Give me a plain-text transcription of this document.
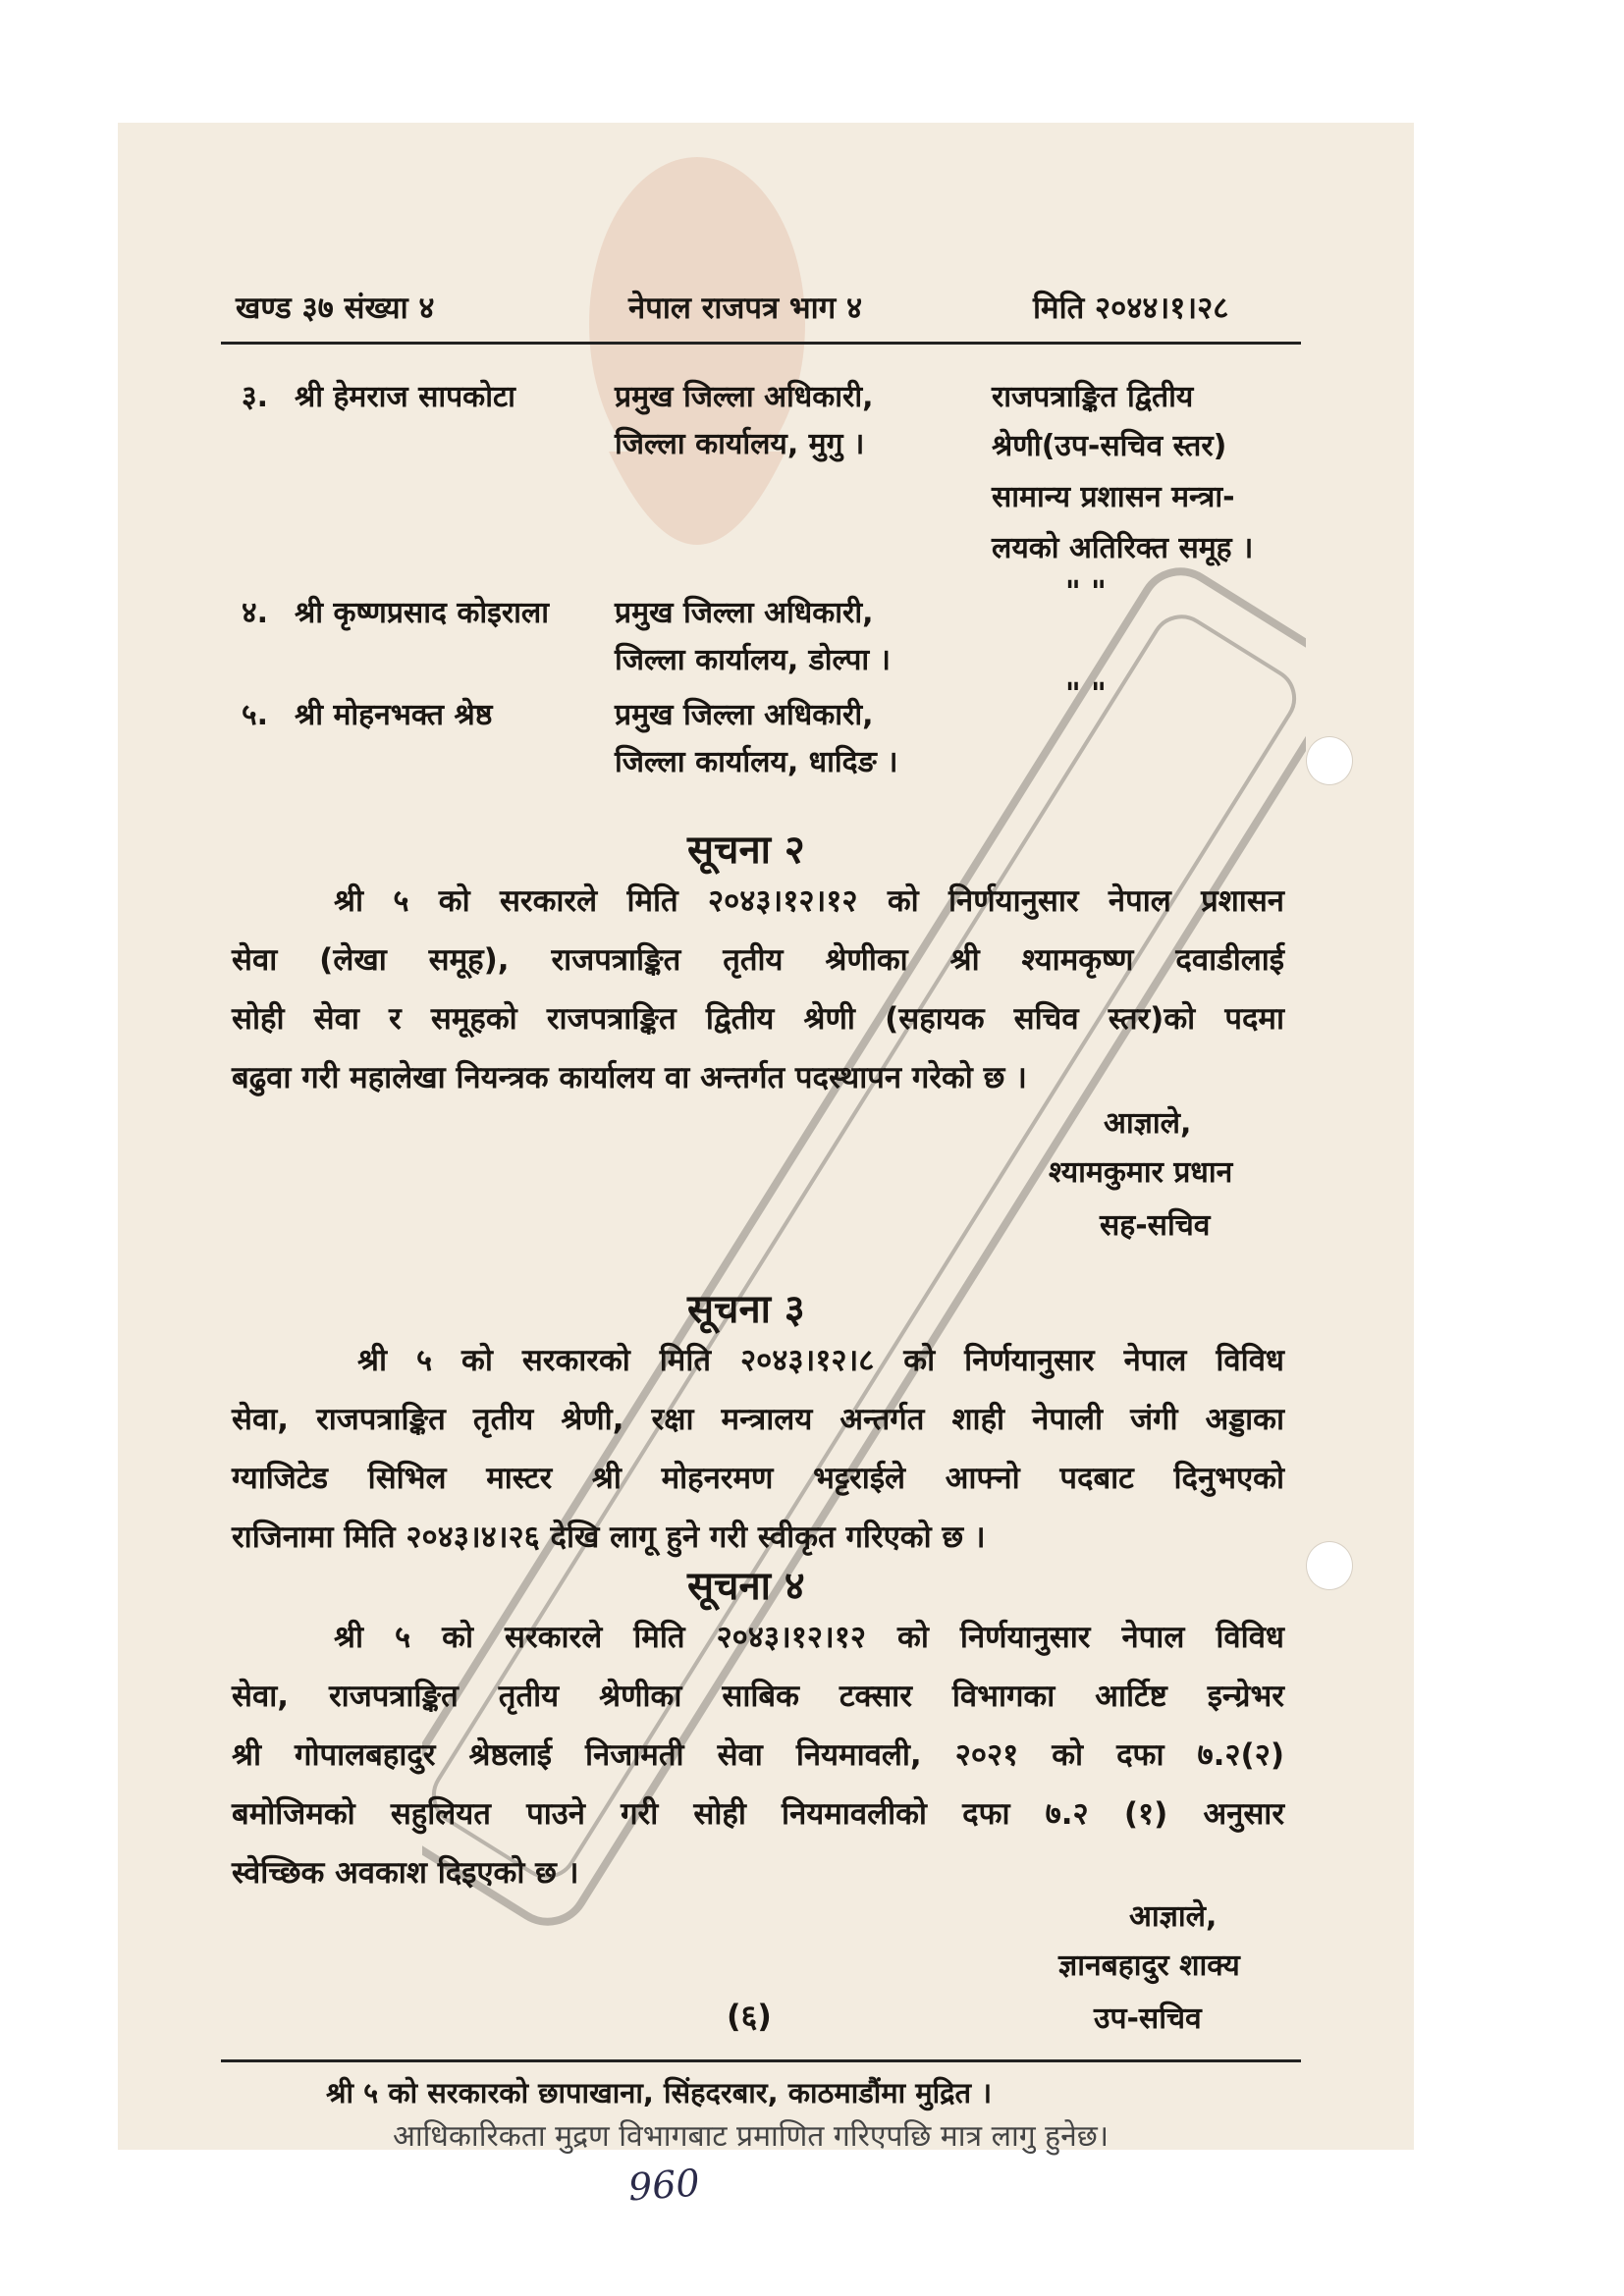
खण्ड ३७ संख्या ४	नेपाल राजपत्र भाग ४	मिति २०४४।१।२८
३. श्री हेमराज सापकोटा	प्रमुख जिल्ला अधिकारी,
जिल्ला कार्यालय, मुगु ।
राजपत्राङ्कित द्वितीय
श्रेणी(उप-सचिव स्तर)
सामान्य प्रशासन मन्त्रा-
लयको अतिरिक्त समूह ।
४. श्री कृष्णप्रसाद कोइराला प्रमुख जिल्ला अधिकारी,
जिल्ला कार्यालय, डोल्पा ।
" "
५. श्री मोहनभक्त श्रेष्ठ	प्रमुख जिल्ला अधिकारी,
जिल्ला कार्यालय, धादिङ ।
" "
सूचना २
श्री ५ को सरकारले मिति २०४३।१२।१२ को निर्णयानुसार नेपाल प्रशासन
सेवा (लेखा समूह), राजपत्राङ्कित तृतीय श्रेणीका श्री श्यामकृष्ण दवाडीलाई
सोही सेवा र समूहको राजपत्राङ्कित द्वितीय श्रेणी (सहायक सचिव स्तर)को पदमा
बढुवा गरी महालेखा नियन्त्रक कार्यालय वा अन्तर्गत पदस्थापन गरेको छ ।
आज्ञाले,
श्यामकुमार प्रधान
सह-सचिव
सूचना ३
श्री ५ को सरकारको मिति २०४३।१२।८ को निर्णयानुसार नेपाल विविध
सेवा, राजपत्राङ्कित तृतीय श्रेणी, रक्षा मन्त्रालय अन्तर्गत शाही नेपाली जंगी अड्डाका
ग्याजिटेड सिभिल मास्टर श्री मोहनरमण भट्टराईले आफ्नो पदबाट दिनुभएको
राजिनामा मिति २०४३।४।२६ देखि लागू हुने गरी स्वीकृत गरिएको छ ।
सूचना ४
श्री ५ को सरकारले मिति २०४३।१२।१२ को निर्णयानुसार नेपाल विविध
सेवा, राजपत्राङ्कित तृतीय श्रेणीका साबिक टक्सार विभागका आर्टिष्ट इन्ग्रेभर
श्री गोपालबहादुर श्रेष्ठलाई निजामती सेवा नियमावली, २०२१ को दफा ७.२(२)
बमोजिमको सहुलियत पाउने गरी सोही नियमावलीको दफा ७.२ (१) अनुसार
स्वेच्छिक अवकाश दिइएको छ ।
आज्ञाले,
ज्ञानबहादुर शाक्य
उप-सचिव
(६)
श्री ५ को सरकारको छापाखाना, सिंहदरबार, काठमाडौंमा मुद्रित ।
आधिकारिकता मुद्रण विभागबाट प्रमाणित गरिएपछि मात्र लागु हुनेछ।
960
